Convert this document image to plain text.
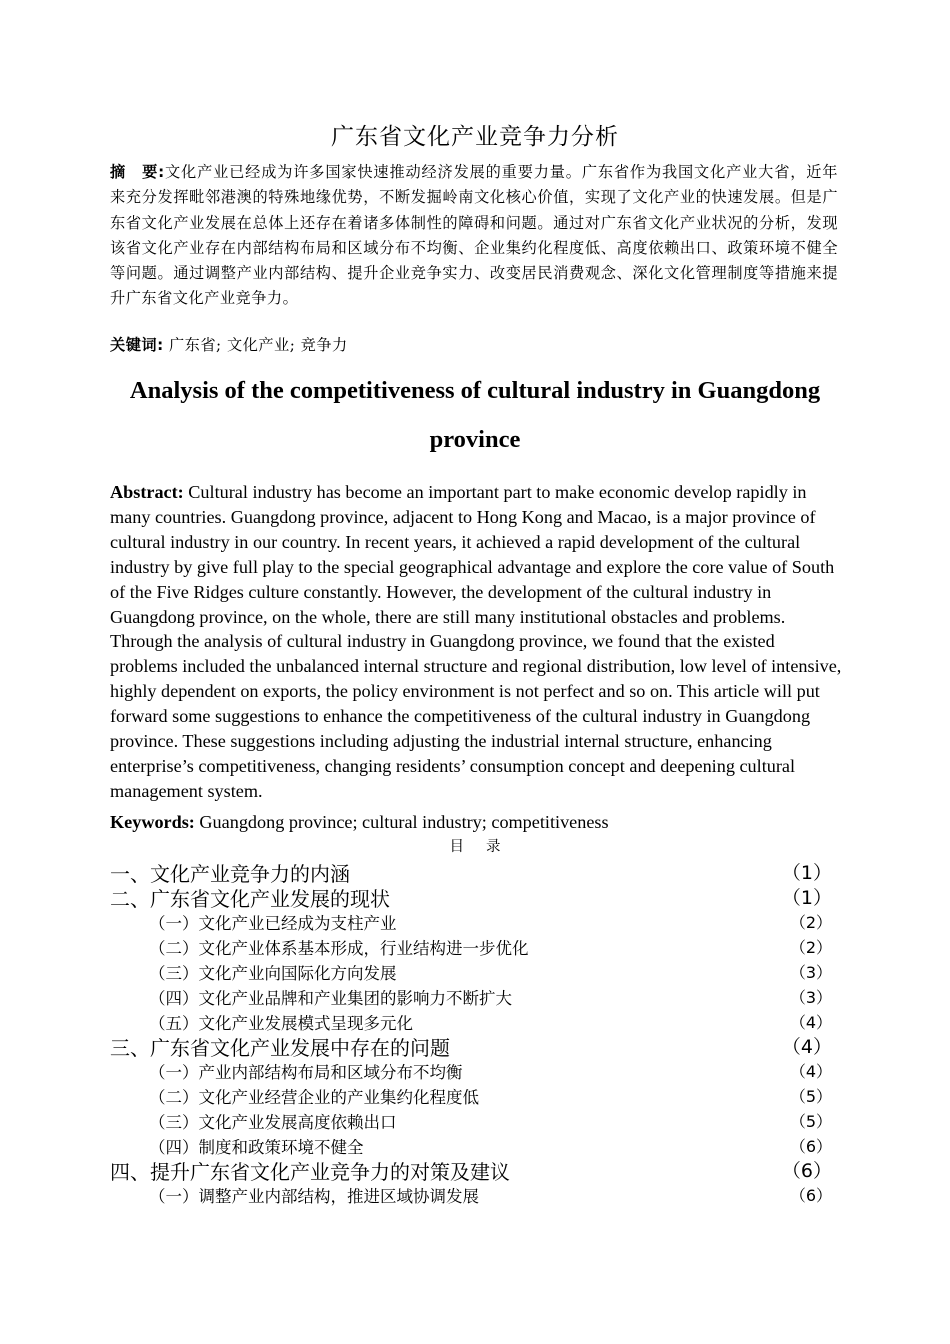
广东省文化产业竞争力分析
摘　要:文化产业已经成为许多国家快速推动经济发展的重要力量。广东省作为我国文化产业大省，近年来充分发挥毗邻港澳的特殊地缘优势，不断发掘岭南文化核心价值，实现了文化产业的快速发展。但是广东省文化产业发展在总体上还存在着诸多体制性的障碍和问题。通过对广东省文化产业状况的分析，发现该省文化产业存在内部结构布局和区域分布不均衡、企业集约化程度低、高度依赖出口、政策环境不健全等问题。通过调整产业内部结构、提升企业竞争实力、改变居民消费观念、深化文化管理制度等措施来提升广东省文化产业竞争力。
关键词: 广东省; 文化产业; 竞争力
Analysis of the competitiveness of cultural industry in Guangdong province
Abstract: Cultural industry has become an important part to make economic develop rapidly in many countries. Guangdong province, adjacent to Hong Kong and Macao, is a major province of cultural industry in our country. In recent years, it achieved a rapid development of the cultural industry by give full play to the special geographical advantage and explore the core value of South of the Five Ridges culture constantly. However, the development of the cultural industry in Guangdong province, on the whole, there are still many institutional obstacles and problems. Through the analysis of cultural industry in Guangdong province, we found that the existed problems included the unbalanced internal structure and regional distribution, low level of intensive, highly dependent on exports, the policy environment is not perfect and so on. This article will put forward some suggestions to enhance the competitiveness of the cultural industry in Guangdong province. These suggestions including adjusting the industrial internal structure, enhancing enterprise’s competitiveness, changing residents’ consumption concept and deepening cultural management system.
Keywords: Guangdong province; cultural industry; competitiveness
目录
一、文化产业竞争力的内涵	（1）
二、广东省文化产业发展的现状	（1）
（一）文化产业已经成为支柱产业	（2）
（二）文化产业体系基本形成，行业结构进一步优化	（2）
（三）文化产业向国际化方向发展	（3）
（四）文化产业品牌和产业集团的影响力不断扩大	（3）
（五）文化产业发展模式呈现多元化	（4）
三、广东省文化产业发展中存在的问题	（4）
（一）产业内部结构布局和区域分布不均衡	（4）
（二）文化产业经营企业的产业集约化程度低	（5）
（三）文化产业发展高度依赖出口	（5）
（四）制度和政策环境不健全	（6）
四、提升广东省文化产业竞争力的对策及建议	（6）
（一）调整产业内部结构，推进区域协调发展	（6）
